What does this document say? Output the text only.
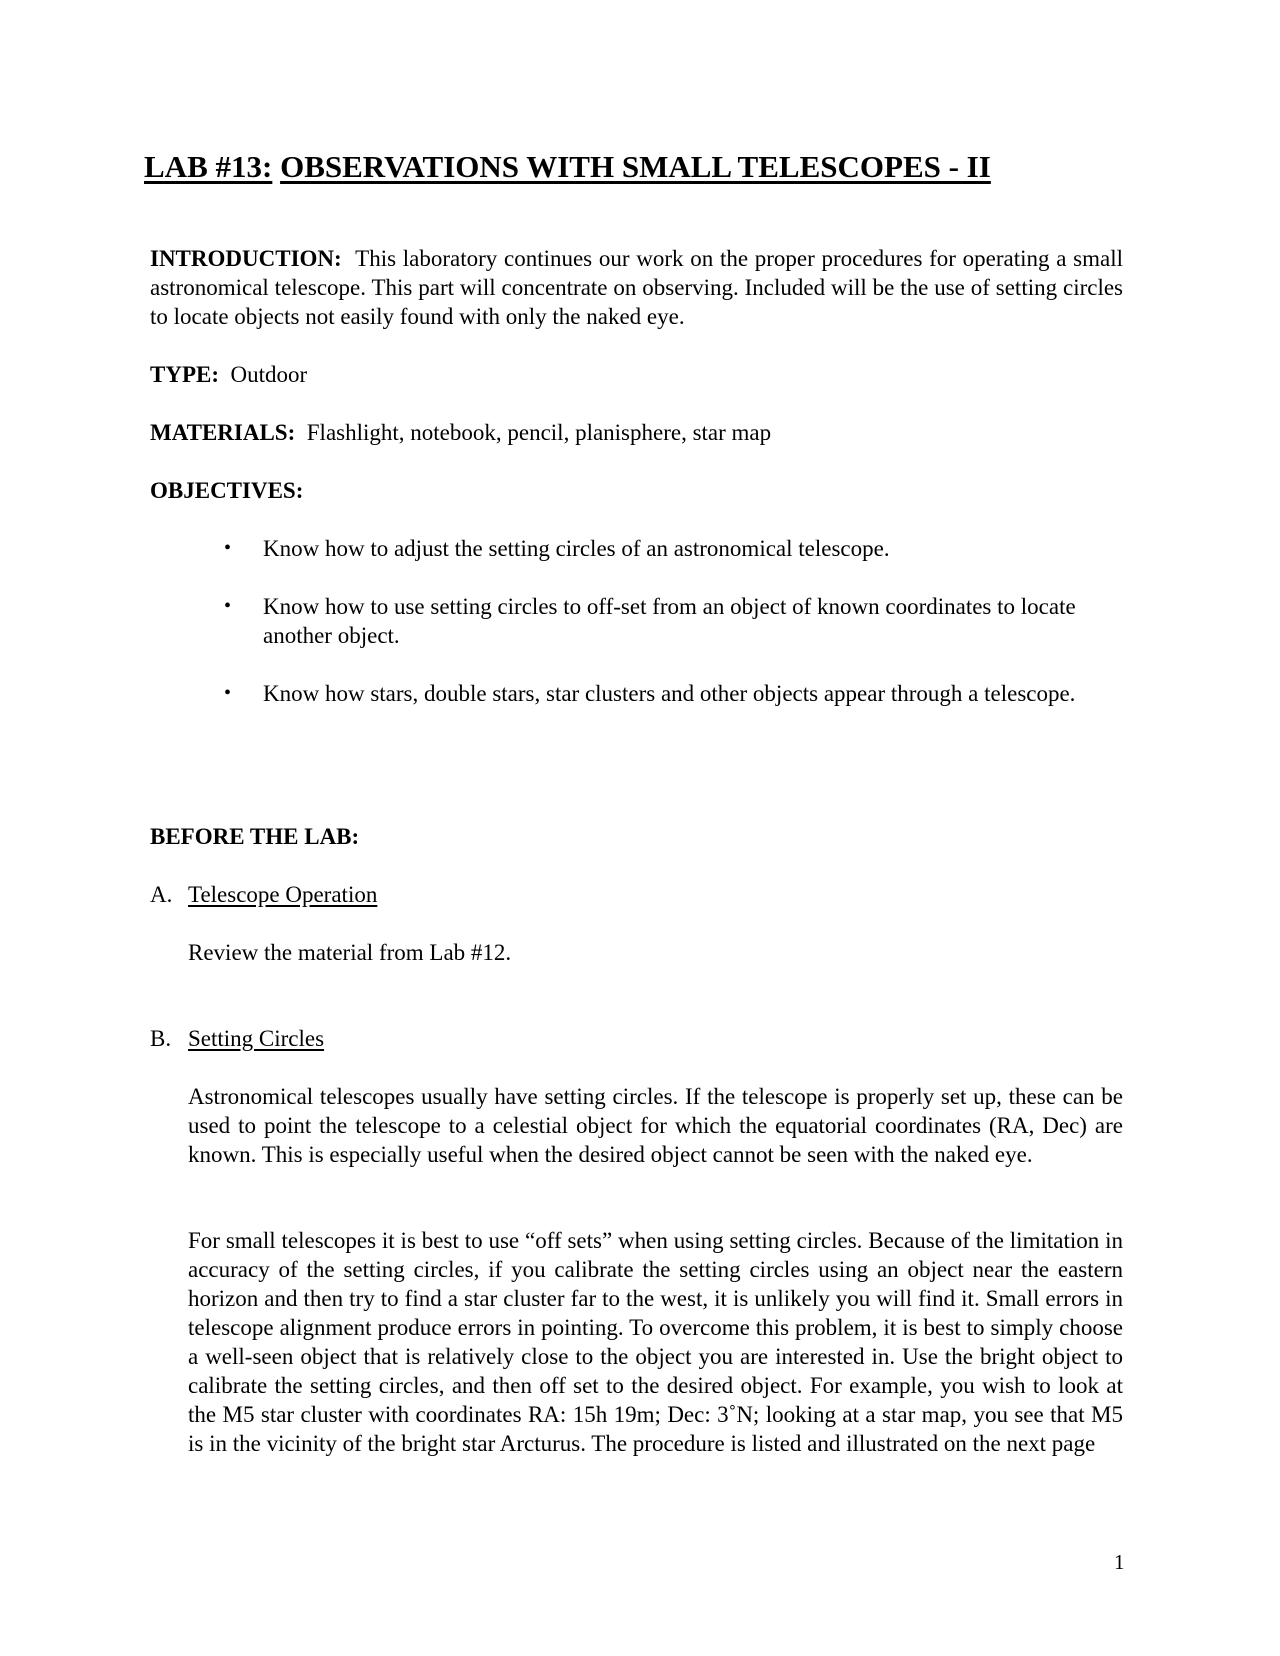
LAB #13: OBSERVATIONS WITH SMALL TELESCOPES - II
INTRODUCTION: This laboratory continues our work on the proper procedures for operating a small astronomical telescope. This part will concentrate on observing. Included will be the use of setting circles to locate objects not easily found with only the naked eye.
TYPE: Outdoor
MATERIALS: Flashlight, notebook, pencil, planisphere, star map
OBJECTIVES:
• Know how to adjust the setting circles of an astronomical telescope.
• Know how to use setting circles to off-set from an object of known coordinates to locate another object.
• Know how stars, double stars, star clusters and other objects appear through a telescope.
BEFORE THE LAB:
A. Telescope Operation
Review the material from Lab #12.
B. Setting Circles
Astronomical telescopes usually have setting circles. If the telescope is properly set up, these can be used to point the telescope to a celestial object for which the equatorial coordinates (RA, Dec) are known. This is especially useful when the desired object cannot be seen with the naked eye.
For small telescopes it is best to use “off sets” when using setting circles. Because of the limitation in accuracy of the setting circles, if you calibrate the setting circles using an object near the eastern horizon and then try to find a star cluster far to the west, it is unlikely you will find it. Small errors in telescope alignment produce errors in pointing. To overcome this problem, it is best to simply choose a well-seen object that is relatively close to the object you are interested in. Use the bright object to calibrate the setting circles, and then off set to the desired object. For example, you wish to look at the M5 star cluster with coordinates RA: 15h 19m; Dec: 3˚N; looking at a star map, you see that M5 is in the vicinity of the bright star Arcturus. The procedure is listed and illustrated on the next page
1
